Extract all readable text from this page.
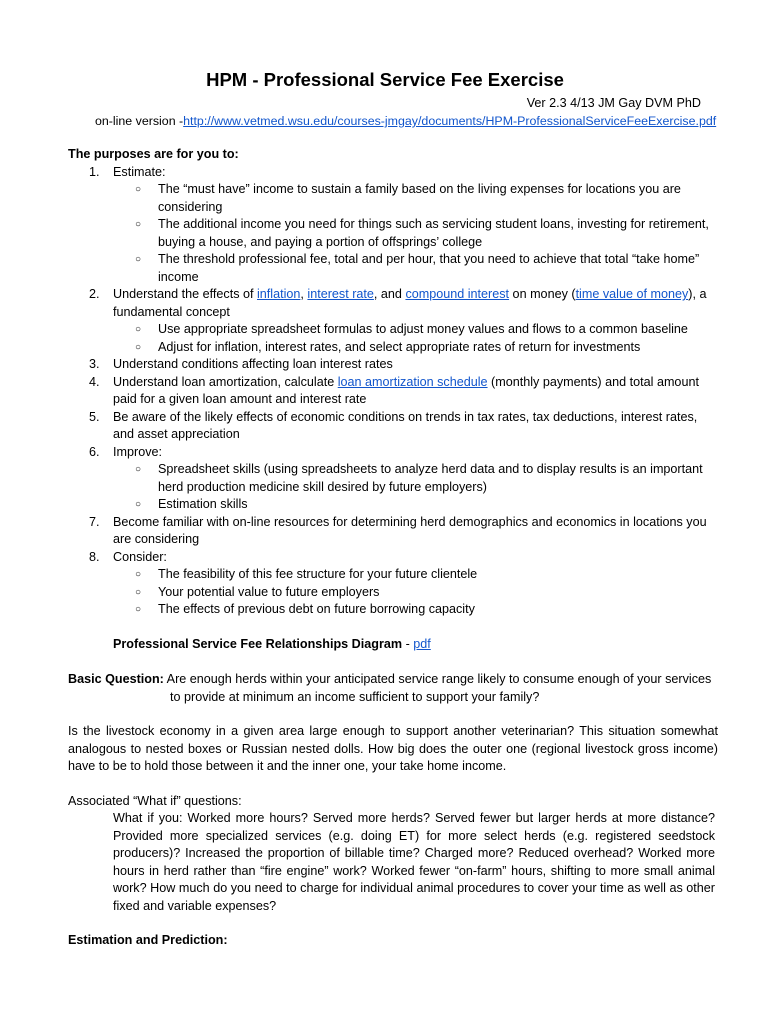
HPM - Professional Service Fee Exercise
Ver 2.3 4/13 JM Gay DVM PhD
on-line version -http://www.vetmed.wsu.edu/courses-jmgay/documents/HPM-ProfessionalServiceFeeExercise.pdf
The purposes are for you to:
1.	Estimate:
○ The “must have” income to sustain a family based on the living expenses for locations you are considering
○ The additional income you need for things such as servicing student loans, investing for retirement, buying a house, and paying a portion of offsprings’ college
○ The threshold professional fee, total and per hour, that you need to achieve that total “take home” income
2.	Understand the effects of inflation, interest rate, and compound interest on money (time value of money), a fundamental concept
○ Use appropriate spreadsheet formulas to adjust money values and flows to a common baseline
○ Adjust for inflation, interest rates, and select appropriate rates of return for investments
3.	Understand conditions affecting loan interest rates
4.	Understand loan amortization, calculate loan amortization schedule (monthly payments) and total amount paid for a given loan amount and interest rate
5.	Be aware of the likely effects of economic conditions on trends in tax rates, tax deductions, interest rates, and asset appreciation
6.	Improve:
○ Spreadsheet skills (using spreadsheets to analyze herd data and to display results is an important herd production medicine skill desired by future employers)
○ Estimation skills
7.	Become familiar with on-line resources for determining herd demographics and economics in locations you are considering
8.	Consider:
○ The feasibility of this fee structure for your future clientele
○ Your potential value to future employers
○ The effects of previous debt on future borrowing capacity
Professional Service Fee Relationships Diagram - pdf
Basic Question: Are enough herds within your anticipated service range likely to consume enough of your services
to provide at minimum an income sufficient to support your family?
Is the livestock economy in a given area large enough to support another veterinarian? This situation somewhat analogous to nested boxes or Russian nested dolls. How big does the outer one (regional livestock gross income) have to be to hold those between it and the inner one, your take home income.
Associated “What if” questions:
What if you: Worked more hours? Served more herds? Served fewer but larger herds at more distance? Provided more specialized services (e.g. doing ET) for more select herds (e.g. registered seedstock producers)? Increased the proportion of billable time? Charged more? Reduced overhead? Worked more hours in herd rather than “fire engine” work? Worked fewer “on-farm” hours, shifting to more small animal work? How much do you need to charge for individual animal procedures to cover your time as well as other fixed and variable expenses?
Estimation and Prediction:
